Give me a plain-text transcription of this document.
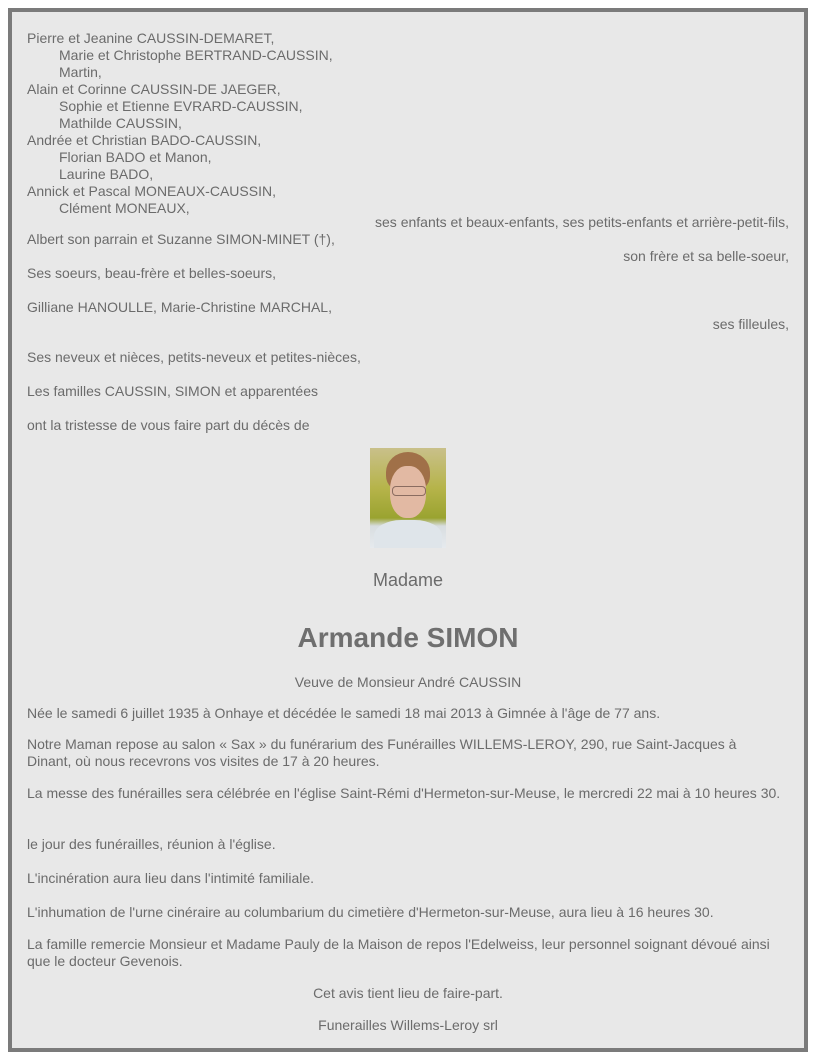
Pierre et Jeanine CAUSSIN-DEMARET,
Marie et Christophe BERTRAND-CAUSSIN,
Martin,
Alain et Corinne CAUSSIN-DE JAEGER,
Sophie et Etienne EVRARD-CAUSSIN,
Mathilde CAUSSIN,
Andrée et Christian BADO-CAUSSIN,
Florian BADO et Manon,
Laurine BADO,
Annick et Pascal MONEAUX-CAUSSIN,
Clément MONEAUX,
ses enfants et beaux-enfants, ses petits-enfants et arrière-petit-fils,
Albert son parrain et Suzanne SIMON-MINET (†),
son frère et sa belle-soeur,
Ses soeurs, beau-frère et belles-soeurs,
Gilliane HANOULLE, Marie-Christine MARCHAL,
ses filleules,
Ses neveux et nièces, petits-neveux et petites-nièces,
Les familles CAUSSIN, SIMON et apparentées
ont la tristesse de vous faire part du décès de
Madame
Armande SIMON
Veuve de Monsieur André CAUSSIN
Née le samedi 6 juillet 1935 à Onhaye et décédée le samedi 18 mai 2013 à Gimnée à l'âge de 77 ans.
Notre Maman repose au salon « Sax » du funérarium des Funérailles WILLEMS-LEROY, 290, rue Saint-Jacques à Dinant, où nous recevrons vos visites de 17 à 20 heures.
La messe des funérailles sera célébrée en l'église Saint-Rémi d'Hermeton-sur-Meuse, le mercredi 22 mai à 10 heures 30.
le jour des funérailles, réunion à l'église.
L'incinération aura lieu dans l'intimité familiale.
L'inhumation de l'urne cinéraire au columbarium du cimetière d'Hermeton-sur-Meuse, aura lieu à 16 heures 30.
La famille remercie Monsieur et Madame Pauly de la Maison de repos l'Edelweiss, leur personnel soignant dévoué ainsi que le docteur Gevenois.
Cet avis tient lieu de faire-part.
Funerailles Willems-Leroy srl
